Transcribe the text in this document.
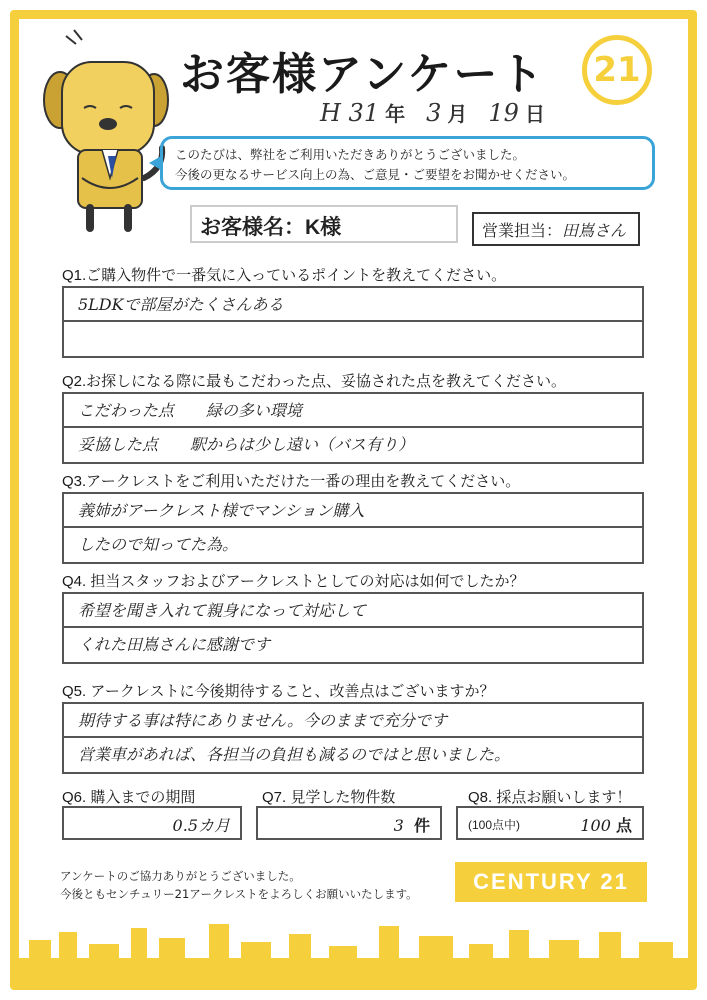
お客様アンケート 21
H 31 年 3 月 19 日
このたびは、弊社をご利用いただきありがとうございました。
今後の更なるサービス向上の為、ご意見・ご要望をお聞かせください。
お客様名：K様	営業担当：田嶌さん
Q1.ご購入物件で一番気に入っているポイントを教えてください。
5LDKで部屋がたくさんある
Q2.お探しになる際に最もこだわった点、妥協された点を教えてください。
こだわった点　　緑の多い環境
妥協した点　　駅からは少し遠い（バス有り）
Q3.アークレストをご利用いただけた一番の理由を教えてください。
義姉がアークレスト様でマンション購入
したので知ってた為。
Q4. 担当スタッフおよびアークレストとしての対応は如何でしたか？
希望を聞き入れて親身になって対応して
くれた田嶌さんに感謝です
Q5. アークレストに今後期待すること、改善点はございますか？
期待する事は特にありません。今のままで充分です
営業車があれば、各担当の負担も減るのではと思いました。
Q6. 購入までの期間
0.5カ月
Q7. 見学した物件数
3 件
Q8. 採点お願いします！
(100点中)	100 点
アンケートのご協力ありがとうございました。
今後ともセンチュリー21アークレストをよろしくお願いいたします。	CENTURY 21
